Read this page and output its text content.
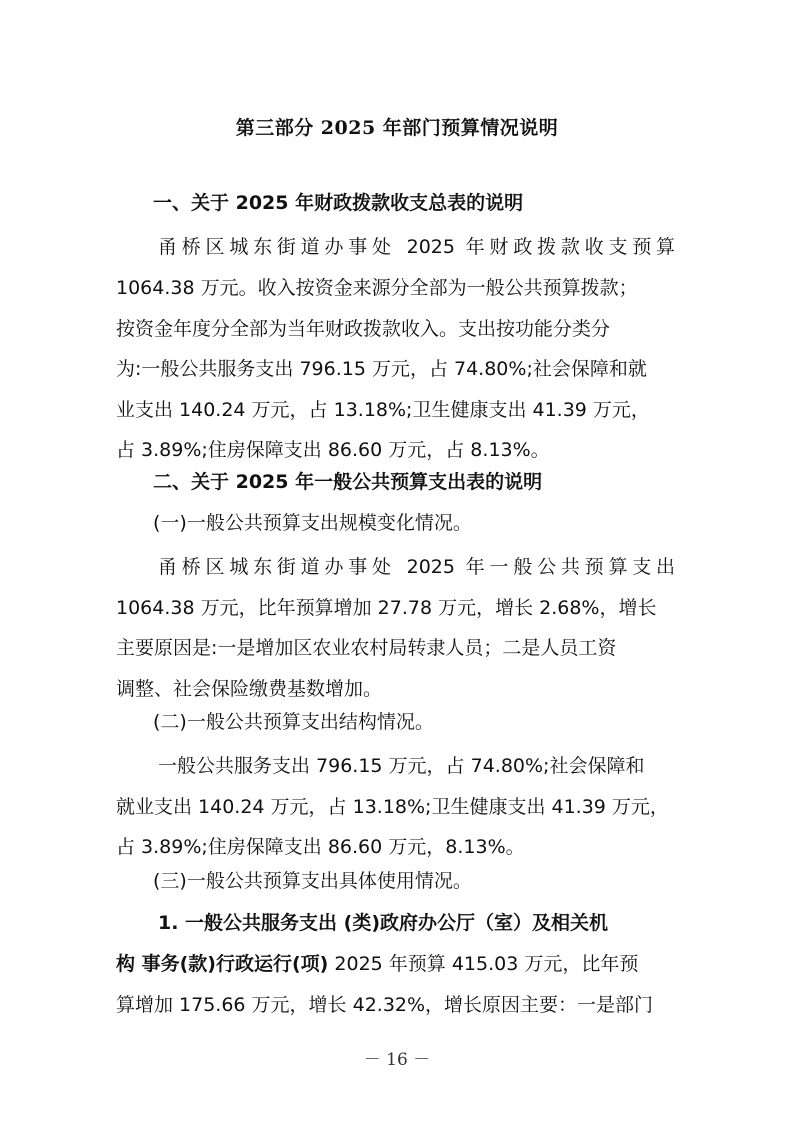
第三部分 2025 年部门预算情况说明
一、关于 2025 年财政拨款收支总表的说明
甬桥区城东街道办事处 2025 年财政拨款收支预算
1064.38 万元。收入按资金来源分全部为一般公共预算拨款；
按资金年度分全部为当年财政拨款收入。支出按功能分类分
为:一般公共服务支出 796.15 万元，占 74.80%;社会保障和就
业支出 140.24 万元，占 13.18%;卫生健康支出 41.39 万元，
占 3.89%;住房保障支出 86.60 万元，占 8.13%。
二、关于 2025 年一般公共预算支出表的说明
(一)一般公共预算支出规模变化情况。
甬桥区城东街道办事处 2025 年一般公共预算支出
1064.38 万元，比年预算增加 27.78 万元，增长 2.68%，增长
主要原因是:一是增加区农业农村局转隶人员；二是人员工资
调整、社会保险缴费基数增加。
(二)一般公共预算支出结构情况。
一般公共服务支出 796.15 万元，占 74.80%;社会保障和
就业支出 140.24 万元，占 13.18%;卫生健康支出 41.39 万元，
占 3.89%;住房保障支出 86.60 万元，8.13%。
(三)一般公共预算支出具体使用情况。
1. 一般公共服务支出 (类)政府办公厅（室）及相关机
构 事务(款)行政运行(项) 2025 年预算 415.03 万元，比年预
算增加 175.66 万元，增长 42.32%，增长原因主要：一是部门
－ 16 －
